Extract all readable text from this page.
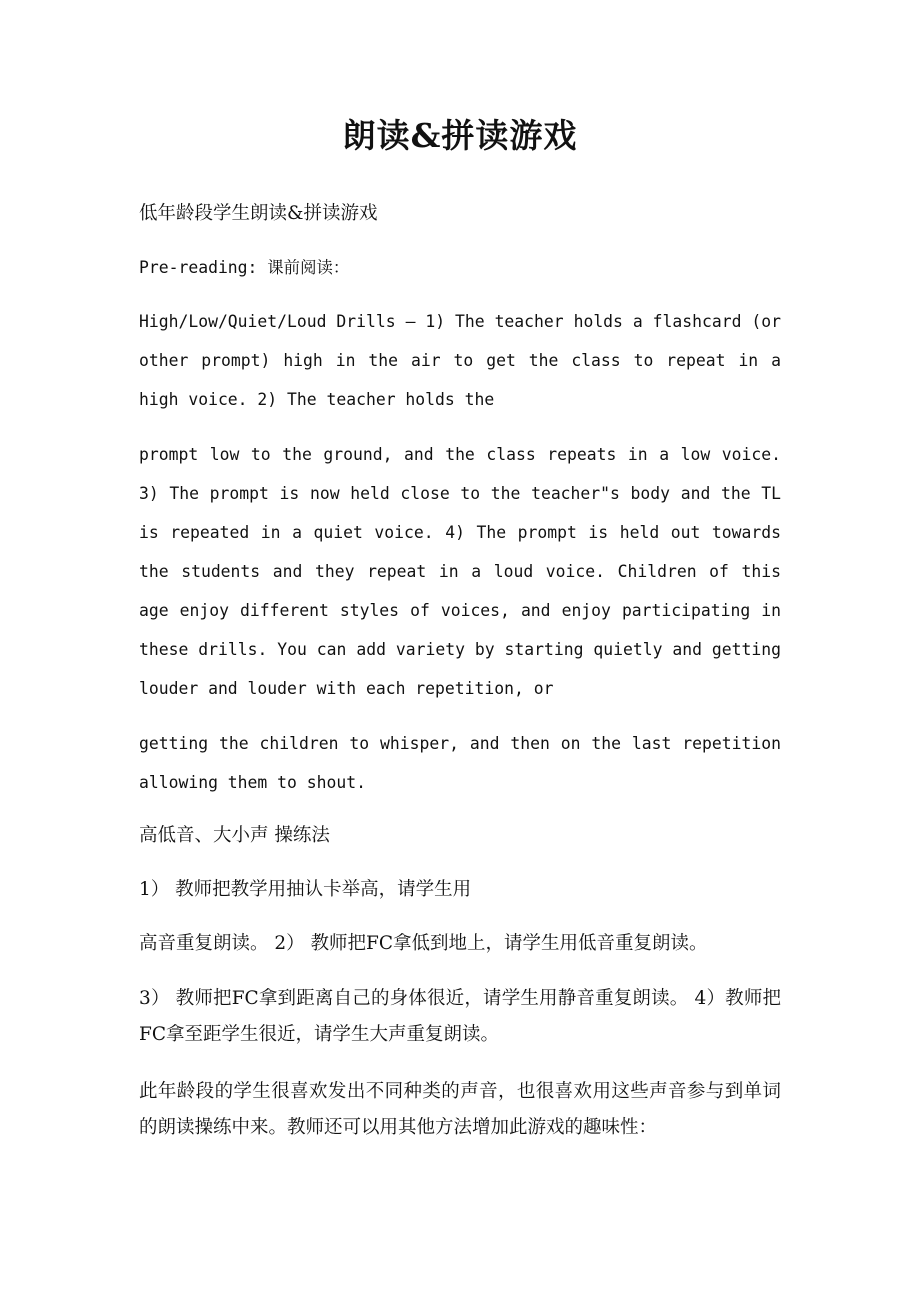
朗读&拼读游戏

低年龄段学生朗读&拼读游戏

Pre-reading: 课前阅读：

High/Low/Quiet/Loud Drills – 1) The teacher holds a flashcard (or other prompt) high in the air to get the class to repeat in a high voice. 2) The teacher holds the

prompt low to the ground, and the class repeats in a low voice. 3) The prompt is now held close to the teacher"s body and the TL is repeated in a quiet voice. 4) The prompt is held out towards the students and they repeat in a loud voice. Children of this age enjoy different styles of voices, and enjoy participating in these drills. You can add variety by starting quietly and getting louder and louder with each repetition, or

getting the children to whisper, and then on the last repetition allowing them to shout.

高低音、大小声 操练法

1） 教师把教学用抽认卡举高，请学生用

高音重复朗读。 2） 教师把FC拿低到地上，请学生用低音重复朗读。

3） 教师把FC拿到距离自己的身体很近，请学生用静音重复朗读。 4）教师把FC拿至距学生很近，请学生大声重复朗读。

此年龄段的学生很喜欢发出不同种类的声音，也很喜欢用这些声音参与到单词的朗读操练中来。教师还可以用其他方法增加此游戏的趣味性：
